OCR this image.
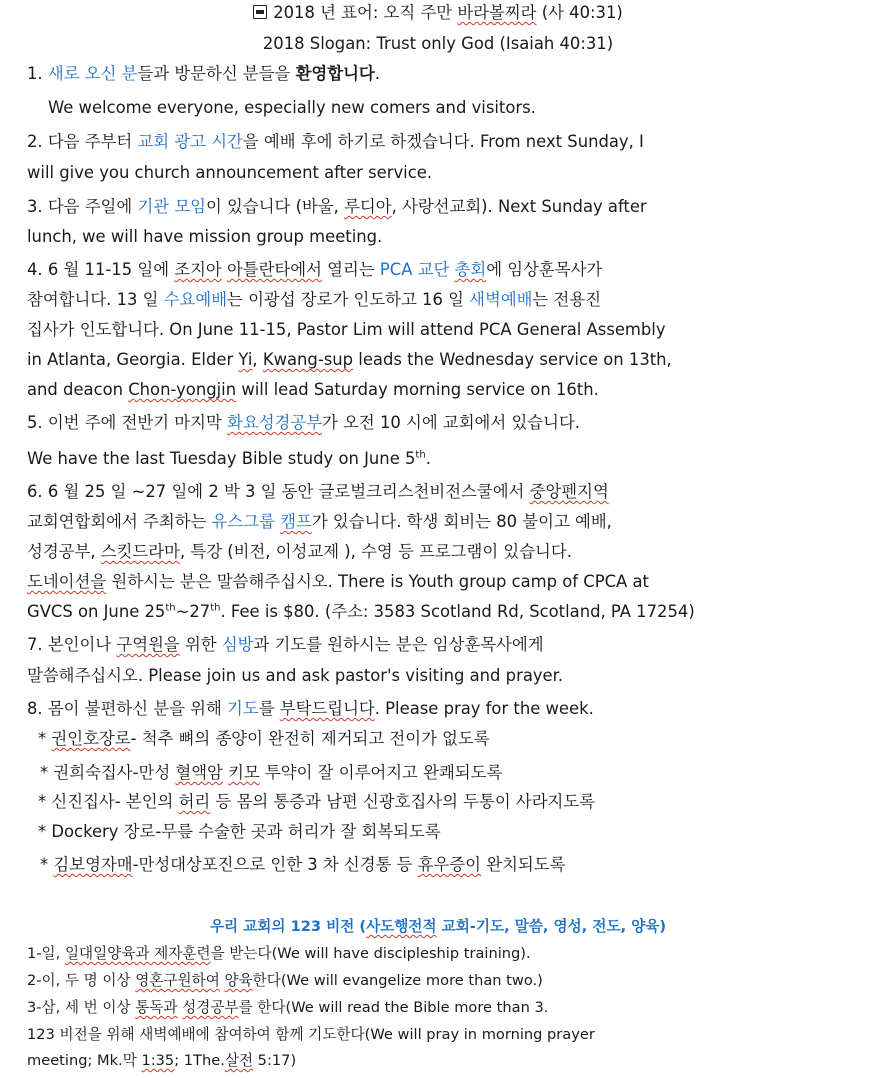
2018 년 표어: 오직 주만 바라볼찌라 (사 40:31)
2018 Slogan: Trust only God (Isaiah 40:31)
1. 새로 오신 분들과 방문하신 분들을 환영합니다.
We welcome everyone, especially new comers and visitors.
2. 다음 주부터 교회 광고 시간을 예배 후에 하기로 하겠습니다. From next Sunday, I
will give you church announcement after service.
3. 다음 주일에 기관 모임이 있습니다 (바울, 루디아, 사랑선교회). Next Sunday after
lunch, we will have mission group meeting.
4. 6 월 11-15 일에 조지아 아틀란타에서 열리는 PCA 교단 총회에 임상훈목사가
참여합니다. 13 일 수요예배는 이광섭 장로가 인도하고 16 일 새벽예배는 전용진
집사가 인도합니다. On June 11-15, Pastor Lim will attend PCA General Assembly
in Atlanta, Georgia. Elder Yi, Kwang-sup leads the Wednesday service on 13th,
and deacon Chon-yongjin will lead Saturday morning service on 16th.
5. 이번 주에 전반기 마지막 화요성경공부가 오전 10 시에 교회에서 있습니다.
We have the last Tuesday Bible study on June 5th.
6. 6 월 25 일 ~27 일에 2 박 3 일 동안 글로벌크리스천비전스쿨에서 중앙펜지역
교회연합회에서 주최하는 유스그룹 캠프가 있습니다. 학생 회비는 80 불이고 예배,
성경공부, 스킷드라마, 특강 (비전, 이성교제 ), 수영 등 프로그램이 있습니다.
도네이션을 원하시는 분은 말씀해주십시오. There is Youth group camp of CPCA at
GVCS on June 25th~27th. Fee is $80. (주소: 3583 Scotland Rd, Scotland, PA 17254)
7. 본인이나 구역원을 위한 심방과 기도를 원하시는 분은 임상훈목사에게
말씀해주십시오. Please join us and ask pastor's visiting and prayer.
8. 몸이 불편하신 분을 위해 기도를 부탁드립니다. Please pray for the week.
* 권인호장로- 척추 뼈의 종양이 완전히 제거되고 전이가 없도록
* 권희숙집사-만성 혈액암 키모 투약이 잘 이루어지고 완쾌되도록
* 신진집사- 본인의 허리 등 몸의 통증과 남편 신광호집사의 두통이 사라지도록
* Dockery 장로-무릎 수술한 곳과 허리가 잘 회복되도록
* 김보영자매-만성대상포진으로 인한 3 차 신경통 등 휴우증이 완치되도록
우리 교회의 123 비전 (사도행전적 교회-기도, 말씀, 영성, 전도, 양육)
1-일, 일대일양육과 제자훈련을 받는다(We will have discipleship training).
2-이, 두 명 이상 영혼구원하여 양육한다(We will evangelize more than two.)
3-삼, 세 번 이상 통독과 성경공부를 한다(We will read the Bible more than 3.
123 비전을 위해 새벽예배에 참여하여 함께 기도한다(We will pray in morning prayer
meeting; Mk.막 1:35; 1The.살전 5:17)
